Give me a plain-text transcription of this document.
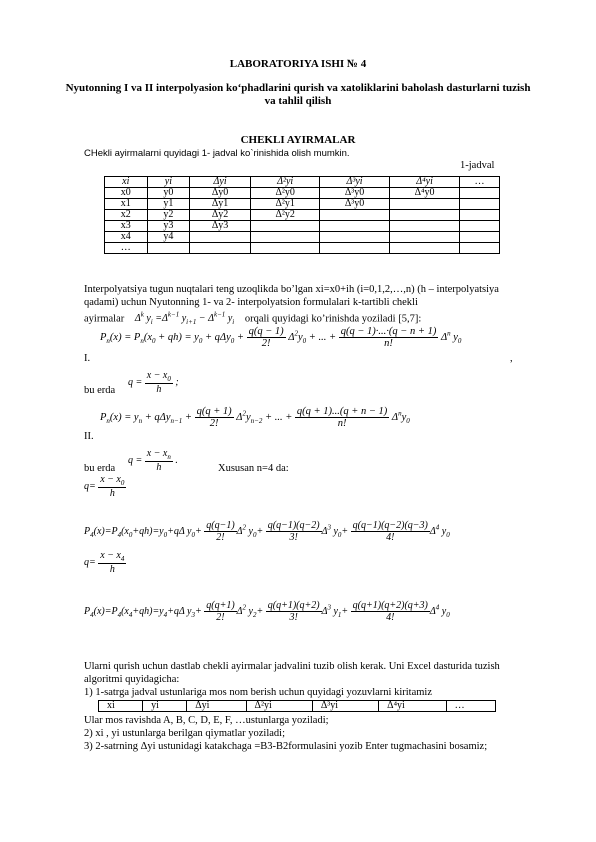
LABORATORIYA ISHI № 4
Nyutonning I va II interpolyasion koʻphadlarini qurish va xatoliklarini baholash dasturlarni tuzish va tahlil qilish
CHEKLI AYIRMALAR
CHekli ayirmalarni quyidagi 1- jadval ko`rinishida olish mumkin.
1-jadval
xi	yi	Δyi	Δ²yi	Δ³yi	Δ⁴yi	…
x0	y0	Δy0	Δ²y0	Δ³y0	Δ⁴y0	
x1	y1	Δy1	Δ²y1	Δ³y0		
x2	y2	Δy2	Δ²y2			
x3	y3	Δy3				
x4	y4					
…						
Interpolyatsiya tugun nuqtalari teng uzoqlikda bo’lgan xi=x0+ih (i=0,1,2,…,n) (h – interpolyatsiya qadami) uchun Nyutonning 1- va 2- interpolyatsion formulalari k-tartibli chekli
ayirmalar $\Delta^k$ $y_i =\Delta^{k-1}$ $y_{i+1} - \Delta^{k-1}$ $y_i$ orqali quyidagi ko’rinishda yoziladi [5,7]:
$P_n(x) = P_n(x_0 + qh) = y_0 + q\Delta y_0 + \frac{q(q - 1)}{2!} \Delta^2y_0$ + ... + $\frac{q(q - 1)\cdot...\cdot(q - n + 1)}{n!} \Delta^n$ $y_0$
I.	,
bu erda
$q = \frac{x - x_0}{h}$ ;
$P_n(x) = y_n + q\Delta y_{n-1} + \frac{q(q + 1)}{2!} \Delta^2y_{n-2}$ + ... + $\frac{q(q + 1)...(q + n - 1)}{n!} \Delta^ny_0$
II.
bu erda
$q = \frac{x - x_n}{h}$ .
Xususan n=4 da:
$q= \frac{x - x_0}{h}$
$P_4(x)=P_4(x_0+qh)=y_0+q\Delta$ $y_0+ \frac{q(q-1)}{2!} \Delta^2$ $y_0+ \frac{q(q-1)(q-2)}{3!} \Delta^3$ $y_0+ \frac{q(q-1)(q-2)(q-3)}{4!} \Delta^4$ $y_0$
$q= \frac{x - x_4}{h}$
$P_4(x)=P_4(x_4+qh)=y_4+q\Delta$ $y_3+ \frac{q(q+1)}{2!} \Delta^2$ $y_2+ \frac{q(q+1)(q+2)}{3!} \Delta^3$ $y_1+ \frac{q(q+1)(q+2)(q+3)}{4!} \Delta^4$ $y_0$
Ularni qurish uchun dastlab chekli ayirmalar jadvalini tuzib olish kerak. Uni Excel dasturida tuzish algoritmi quyidagicha:
1) 1-satrga jadval ustunlariga mos nom berish uchun quyidagi yozuvlarni kiritamiz
xi	yi	Δyi	Δ²yi	Δ³yi	Δ⁴yi	…
Ular mos ravishda A, B, C, D, E, F, …ustunlarga yoziladi;
2) xi , yi ustunlarga berilgan qiymatlar yoziladi;
3) 2-satrning Δyi ustunidagi katakchaga =B3-B2formulasini yozib Enter tugmachasini bosamiz;
